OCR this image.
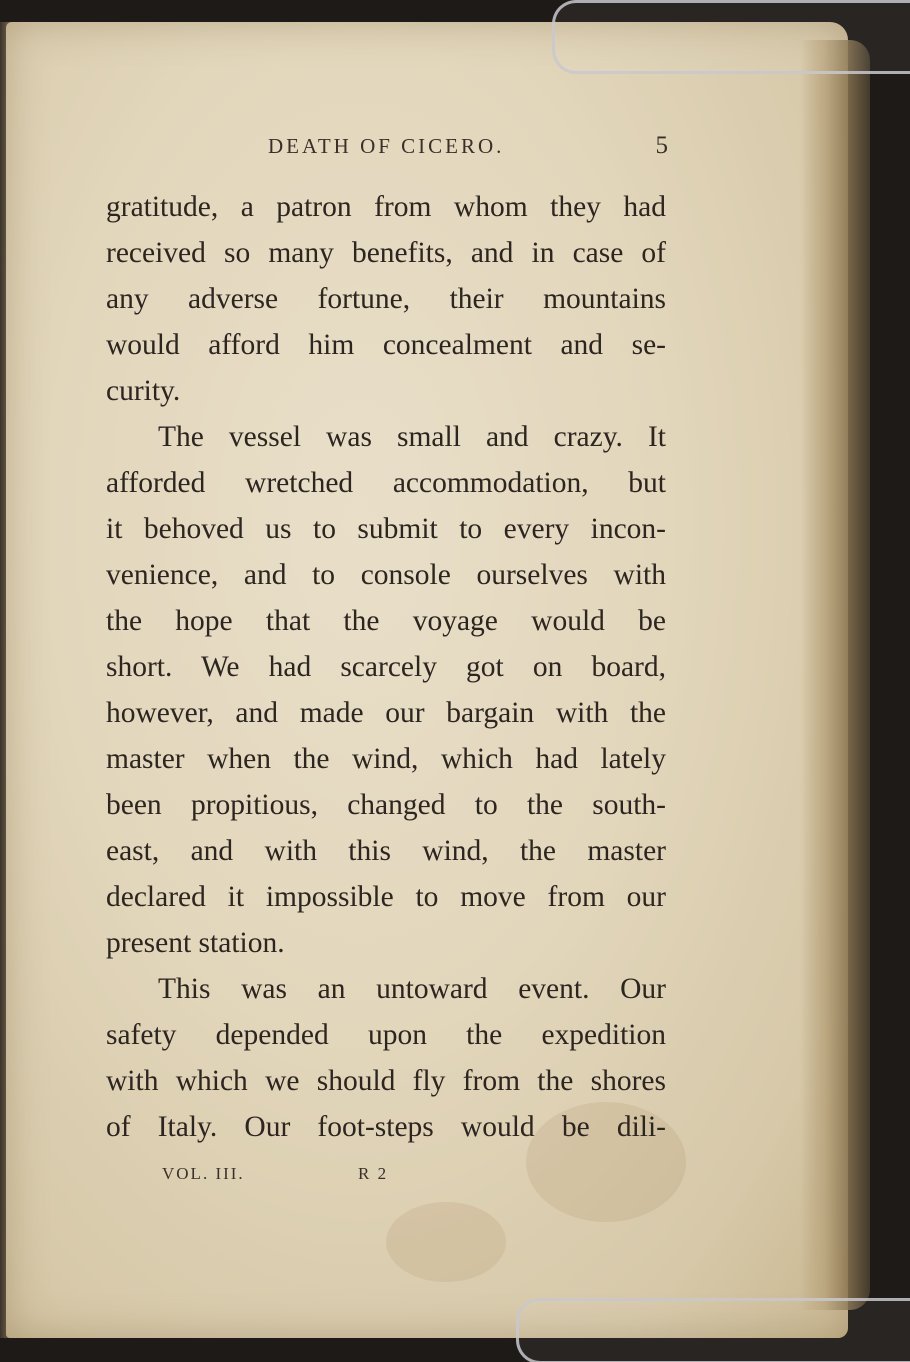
DEATH OF CICERO.	5
gratitude, a patron from whom they had
received so many benefits, and in case of
any adverse fortune, their mountains
would afford him concealment and se-
curity.
The vessel was small and crazy. It
afforded wretched accommodation, but
it behoved us to submit to every incon-
venience, and to console ourselves with
the hope that the voyage would be
short. We had scarcely got on board,
however, and made our bargain with the
master when the wind, which had lately
been propitious, changed to the south-
east, and with this wind, the master
declared it impossible to move from our
present station.
This was an untoward event. Our
safety depended upon the expedition
with which we should fly from the shores
of Italy. Our foot-steps would be dili-
VOL. III.	R 2
